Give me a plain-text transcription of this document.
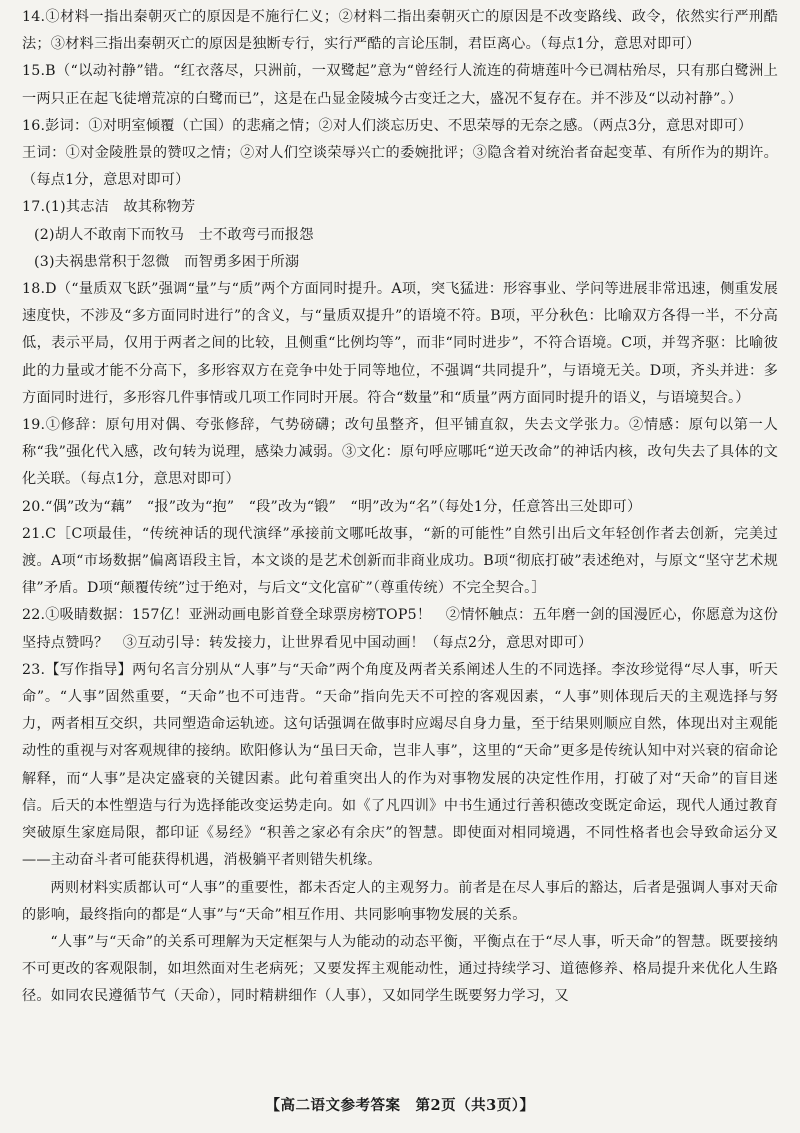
14.①材料一指出秦朝灭亡的原因是不施行仁义；②材料二指出秦朝灭亡的原因是不改变路线、政令，依然实行严刑酷法；③材料三指出秦朝灭亡的原因是独断专行，实行严酷的言论压制，君臣离心。（每点1分，意思对即可）
15.B（“以动衬静”错。“红衣落尽，只洲前，一双鹭起”意为“曾经行人流连的荷塘莲叶今已凋枯殆尽，只有那白鹭洲上一两只正在起飞徒增荒凉的白鹭而已”，这是在凸显金陵城今古变迁之大，盛况不复存在。并不涉及“以动衬静”。）
16.彭词：①对明室倾覆（亡国）的悲痛之情；②对人们淡忘历史、不思荣辱的无奈之感。（两点3分，意思对即可）
王词：①对金陵胜景的赞叹之情；②对人们空谈荣辱兴亡的委婉批评；③隐含着对统治者奋起变革、有所作为的期许。（每点1分，意思对即可）
17.(1)其志洁　故其称物芳
(2)胡人不敢南下而牧马　士不敢弯弓而报怨
(3)夫祸患常积于忽微　而智勇多困于所溺
18.D（“量质双飞跃”强调“量”与“质”两个方面同时提升。A项，突飞猛进：形容事业、学问等进展非常迅速，侧重发展速度快，不涉及“多方面同时进行”的含义，与“量质双提升”的语境不符。B项，平分秋色：比喻双方各得一半，不分高低，表示平局，仅用于两者之间的比较，且侧重“比例均等”，而非“同时进步”，不符合语境。C项，并驾齐驱：比喻彼此的力量或才能不分高下，多形容双方在竞争中处于同等地位，不强调“共同提升”，与语境无关。D项，齐头并进：多方面同时进行，多形容几件事情或几项工作同时开展。符合“数量”和“质量”两方面同时提升的语义，与语境契合。）
19.①修辞：原句用对偶、夸张修辞，气势磅礴；改句虽整齐，但平铺直叙，失去文学张力。②情感：原句以第一人称“我”强化代入感，改句转为说理，感染力减弱。③文化：原句呼应哪吒“逆天改命”的神话内核，改句失去了具体的文化关联。（每点1分，意思对即可）
20.“偶”改为“藕”　“报”改为“抱”　“段”改为“锻”　“明”改为“名”（每处1分，任意答出三处即可）
21.C［C项最佳，“传统神话的现代演绎”承接前文哪吒故事，“新的可能性”自然引出后文年轻创作者去创新，完美过渡。A项“市场数据”偏离语段主旨，本文谈的是艺术创新而非商业成功。B项“彻底打破”表述绝对，与原文“坚守艺术规律”矛盾。D项“颠覆传统”过于绝对，与后文“文化富矿”（尊重传统）不完全契合。］
22.①吸睛数据：157亿！亚洲动画电影首登全球票房榜TOP5！　②情怀触点：五年磨一剑的国漫匠心，你愿意为这份坚持点赞吗？　③互动引导：转发接力，让世界看见中国动画！（每点2分，意思对即可）
23.【写作指导】两句名言分别从“人事”与“天命”两个角度及两者关系阐述人生的不同选择。李汝珍觉得“尽人事，听天命”。“人事”固然重要，“天命”也不可违背。“天命”指向先天不可控的客观因素，“人事”则体现后天的主观选择与努力，两者相互交织，共同塑造命运轨迹。这句话强调在做事时应竭尽自身力量，至于结果则顺应自然，体现出对主观能动性的重视与对客观规律的接纳。欧阳修认为“虽曰天命，岂非人事”，这里的“天命”更多是传统认知中对兴衰的宿命论解释，而“人事”是决定盛衰的关键因素。此句着重突出人的作为对事物发展的决定性作用，打破了对“天命”的盲目迷信。后天的本性塑造与行为选择能改变运势走向。如《了凡四训》中书生通过行善积德改变既定命运，现代人通过教育突破原生家庭局限，都印证《易经》“积善之家必有余庆”的智慧。即使面对相同境遇，不同性格者也会导致命运分叉——主动奋斗者可能获得机遇，消极躺平者则错失机缘。
两则材料实质都认可“人事”的重要性，都未否定人的主观努力。前者是在尽人事后的豁达，后者是强调人事对天命的影响，最终指向的都是“人事”与“天命”相互作用、共同影响事物发展的关系。
“人事”与“天命”的关系可理解为天定框架与人为能动的动态平衡，平衡点在于“尽人事，听天命”的智慧。既要接纳不可更改的客观限制，如坦然面对生老病死；又要发挥主观能动性，通过持续学习、道德修养、格局提升来优化人生路径。如同农民遵循节气（天命），同时精耕细作（人事），又如同学生既要努力学习，又
【高二语文参考答案　第2页（共3页）】
